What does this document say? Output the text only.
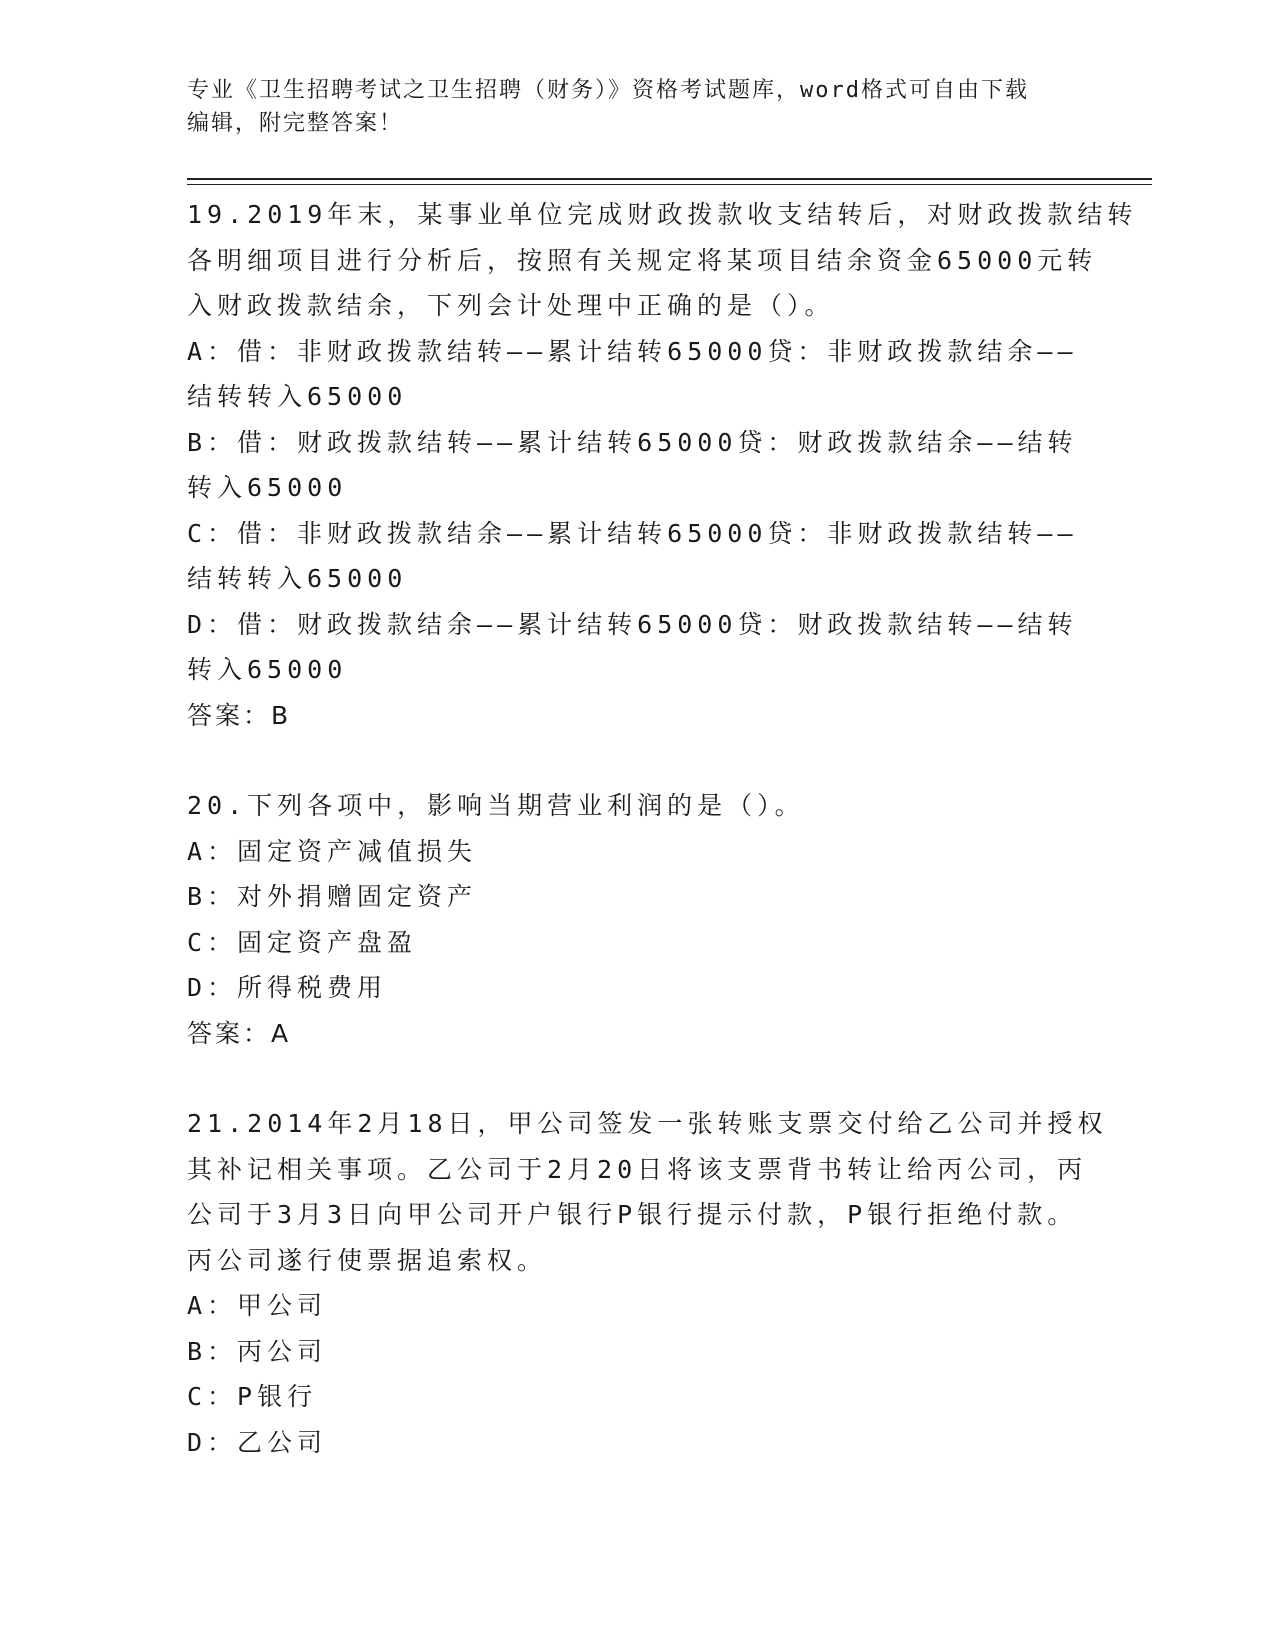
专业《卫生招聘考试之卫生招聘（财务）》资格考试题库，word格式可自由下载
编辑，附完整答案！
19.2019年末，某事业单位完成财政拨款收支结转后，对财政拨款结转
各明细项目进行分析后，按照有关规定将某项目结余资金65000元转
入财政拨款结余，下列会计处理中正确的是（）。
A：借：非财政拨款结转——累计结转65000贷：非财政拨款结余——
结转转入65000
B：借：财政拨款结转——累计结转65000贷：财政拨款结余——结转
转入65000
C：借：非财政拨款结余——累计结转65000贷：非财政拨款结转——
结转转入65000
D：借：财政拨款结余——累计结转65000贷：财政拨款结转——结转
转入65000
答案：B
20.下列各项中，影响当期营业利润的是（）。
A：固定资产减值损失
B：对外捐赠固定资产
C：固定资产盘盈
D：所得税费用
答案：A
21.2014年2月18日，甲公司签发一张转账支票交付给乙公司并授权
其补记相关事项。乙公司于2月20日将该支票背书转让给丙公司，丙
公司于3月3日向甲公司开户银行P银行提示付款，P银行拒绝付款。
丙公司遂行使票据追索权。
A：甲公司
B：丙公司
C：P银行
D：乙公司
